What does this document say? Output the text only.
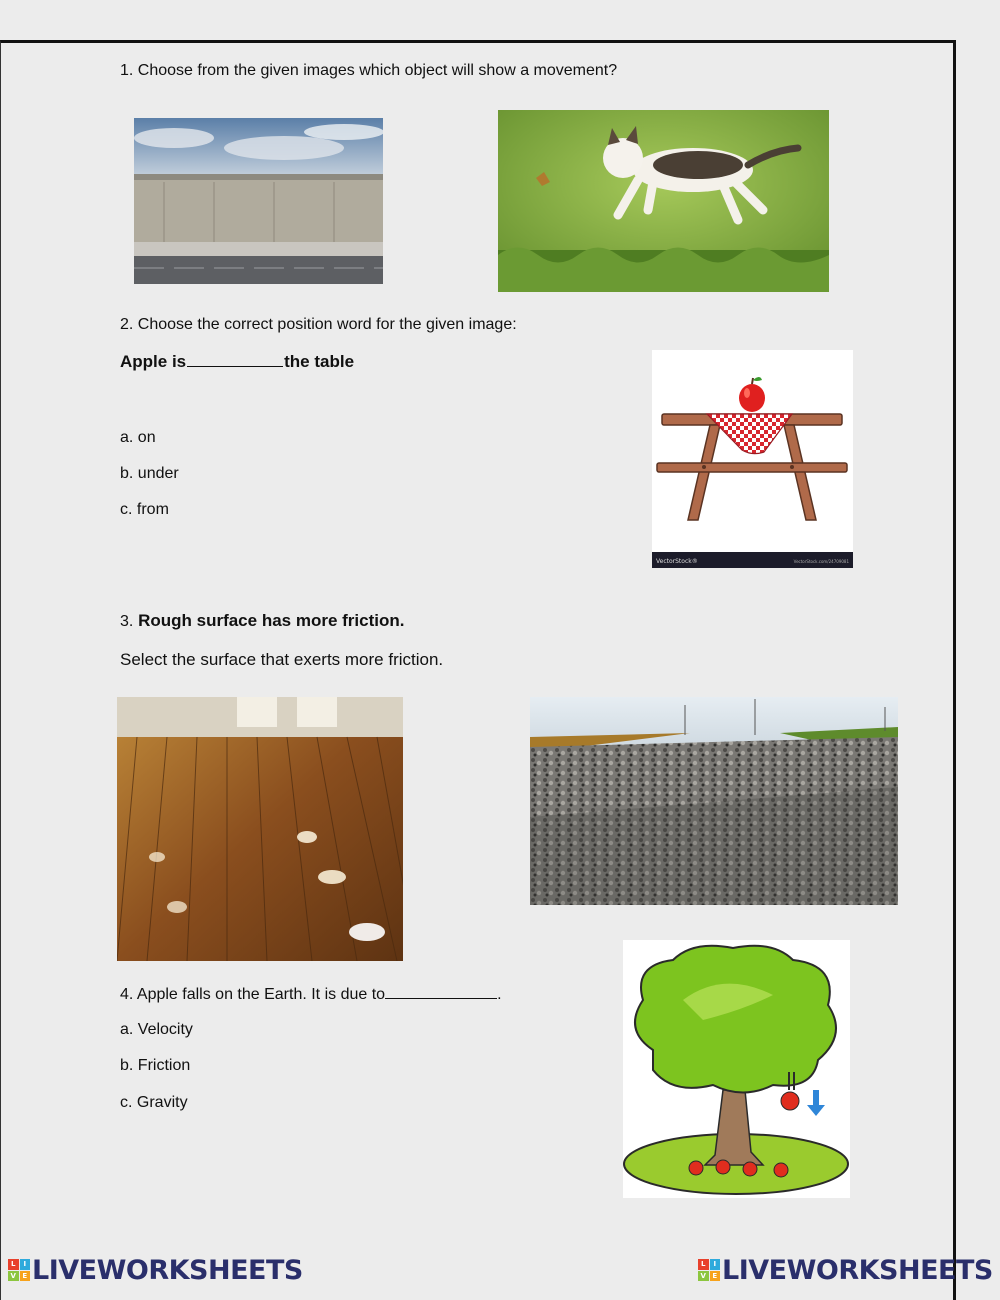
1. Choose from the given images which object will show a movement?
2. Choose the correct position word for the given image:
Apple is	the table
a. on
b. under
c. from
VectorStock®	VectorStock.com/24709081
3. Rough surface has more friction.
Select the surface that exerts more friction.
4. Apple falls on the Earth. It is due to	.
a. Velocity
b. Friction
c. Gravity
L	I
V E LIVEWORKSHEETS	L	I
V E LIVEWORKSHEETS
